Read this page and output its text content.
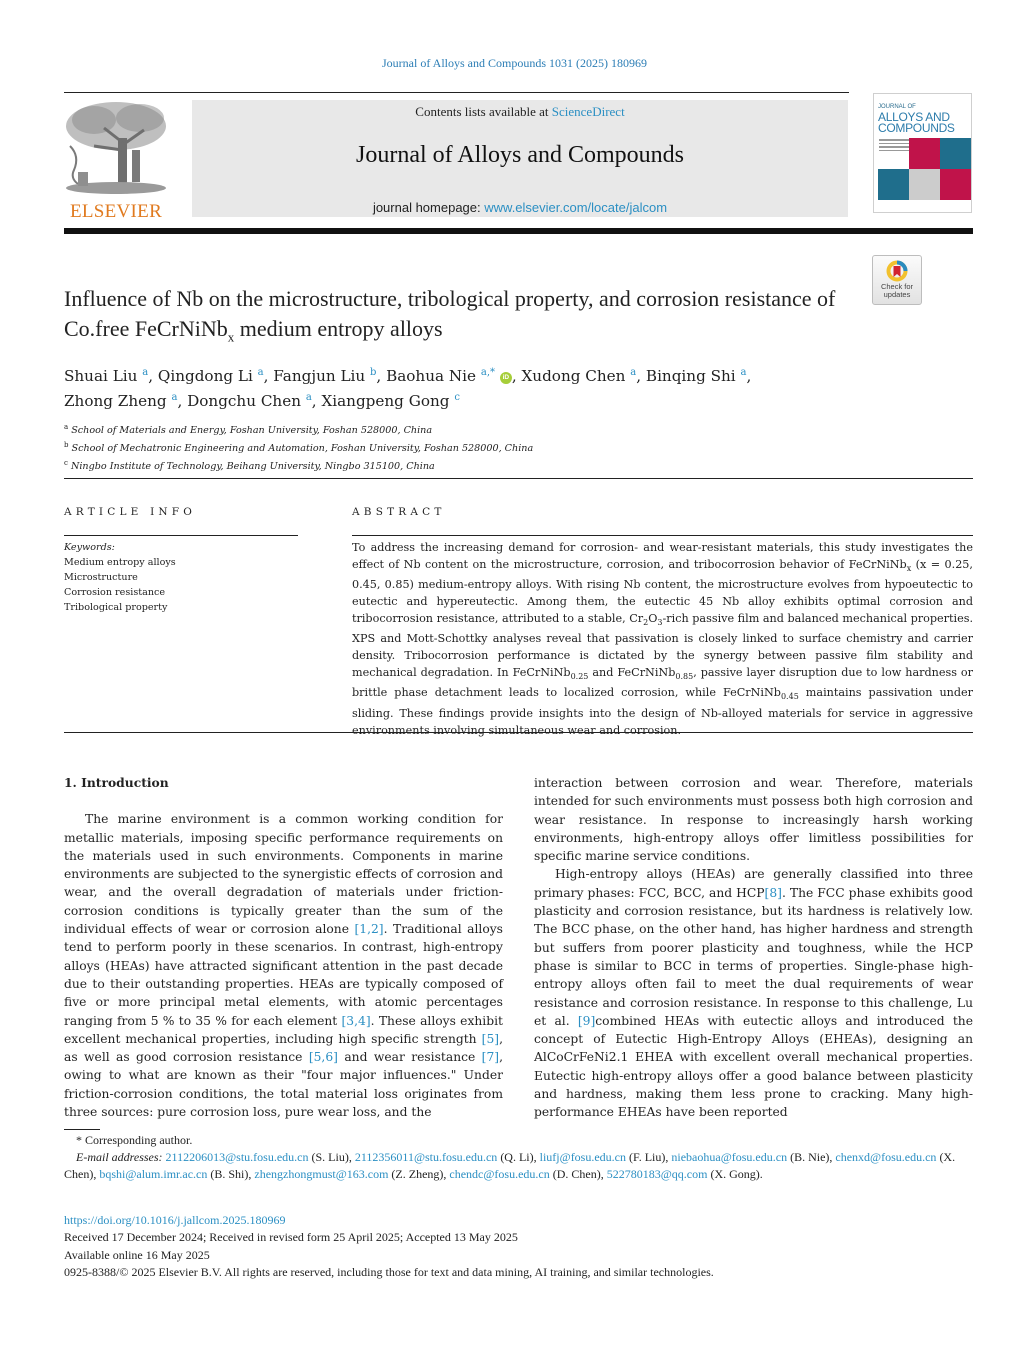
Journal of Alloys and Compounds 1031 (2025) 180969
ELSEVIER
Contents lists available at ScienceDirect
Journal of Alloys and Compounds
journal homepage: www.elsevier.com/locate/jalcom
JOURNAL OF
ALLOYS AND
COMPOUNDS
Check for
updates
Influence of Nb on the microstructure, tribological property, and corrosion resistance of Co.free FeCrNiNb$_x$ medium entropy alloys
Shuai Liu $^a$, Qingdong Li $^a$, Fangjun Liu $^b$, Baohua Nie $^{a,*}$ iD , Xudong Chen $^a$, Binqing Shi $^a$,
Zhong Zheng $^a$, Dongchu Chen $^a$, Xiangpeng Gong $^c$
$^a$ School of Materials and Energy, Foshan University, Foshan 528000, China
$^b$ School of Mechatronic Engineering and Automation, Foshan University, Foshan 528000, China
$^c$ Ningbo Institute of Technology, Beihang University, Ningbo 315100, China
ARTICLE INFO	ABSTRACT
Keywords:
Medium entropy alloys
Microstructure
Corrosion resistance
Tribological property
To address the increasing demand for corrosion- and wear-resistant materials, this study investigates the effect of Nb content on the microstructure, corrosion, and tribocorrosion behavior of FeCrNiNb$_x$ (x = 0.25, 0.45, 0.85) medium-entropy alloys. With rising Nb content, the microstructure evolves from hypoeutectic to eutectic and hypereutectic. Among them, the eutectic 45 Nb alloy exhibits optimal corrosion and tribocorrosion resistance, attributed to a stable, $Cr_2O_3$-rich passive film and balanced mechanical properties. XPS and Mott-Schottky analyses reveal that passivation is closely linked to surface chemistry and carrier density. Tribocorrosion performance is dictated by the synergy between passive film stability and mechanical degradation. In FeCrNiNb$_{0.25}$ and FeCrNiNb$_{0.85}$, passive layer disruption due to low hardness or brittle phase detachment leads to localized corrosion, while FeCrNiNb$_{0.45}$ maintains passivation under sliding. These findings provide insights into the design of Nb-alloyed materials for service in aggressive environments involving simultaneous wear and corrosion.

1. Introduction

The marine environment is a common working condition for metallic materials, imposing specific performance requirements on the materials used in such environments. Components in marine environments are subjected to the synergistic effects of corrosion and wear, and the overall degradation of materials under friction-corrosion conditions is typically greater than the sum of the individual effects of wear or corrosion alone [1,2]. Traditional alloys tend to perform poorly in these scenarios. In contrast, high-entropy alloys (HEAs) have attracted significant attention in the past decade due to their outstanding properties. HEAs are typically composed of five or more principal metal elements, with atomic percentages ranging from 5 % to 35 % for each element [3,4]. These alloys exhibit excellent mechanical properties, including high specific strength [5], as well as good corrosion resistance [5,6] and wear resistance [7], owing to what are known as their "four major influences." Under friction-corrosion conditions, the total material loss originates from three sources: pure corrosion loss, pure wear loss, and the

interaction between corrosion and wear. Therefore, materials intended for such environments must possess both high corrosion and wear resistance. In response to increasingly harsh working environments, high-entropy alloys offer limitless possibilities for specific marine service conditions.

High-entropy alloys (HEAs) are generally classified into three primary phases: FCC, BCC, and HCP[8]. The FCC phase exhibits good plasticity and corrosion resistance, but its hardness is relatively low. The BCC phase, on the other hand, has higher hardness and strength but suffers from poorer plasticity and toughness, while the HCP phase is similar to BCC in terms of properties. Single-phase high-entropy alloys often fail to meet the dual requirements of wear resistance and corrosion resistance. In response to this challenge, Lu et al. [9]combined HEAs with eutectic alloys and introduced the concept of Eutectic High-Entropy Alloys (EHEAs), designing an AlCoCrFeNi2.1 EHEA with excellent overall mechanical properties. Eutectic high-entropy alloys offer a good balance between plasticity and hardness, making them less prone to cracking. Many high-performance EHEAs have been reported

* Corresponding author.
E-mail addresses: 2112206013@stu.fosu.edu.cn (S. Liu), 2112356011@stu.fosu.edu.cn (Q. Li), liufj@fosu.edu.cn (F. Liu), niebaohua@fosu.edu.cn (B. Nie), chenxd@fosu.edu.cn (X. Chen), bqshi@alum.imr.ac.cn (B. Shi), zhengzhongmust@163.com (Z. Zheng), chendc@fosu.edu.cn (D. Chen), 522780183@qq.com (X. Gong).
https://doi.org/10.1016/j.jallcom.2025.180969
Received 17 December 2024; Received in revised form 25 April 2025; Accepted 13 May 2025
Available online 16 May 2025
0925-8388/© 2025 Elsevier B.V. All rights are reserved, including those for text and data mining, AI training, and similar technologies.
